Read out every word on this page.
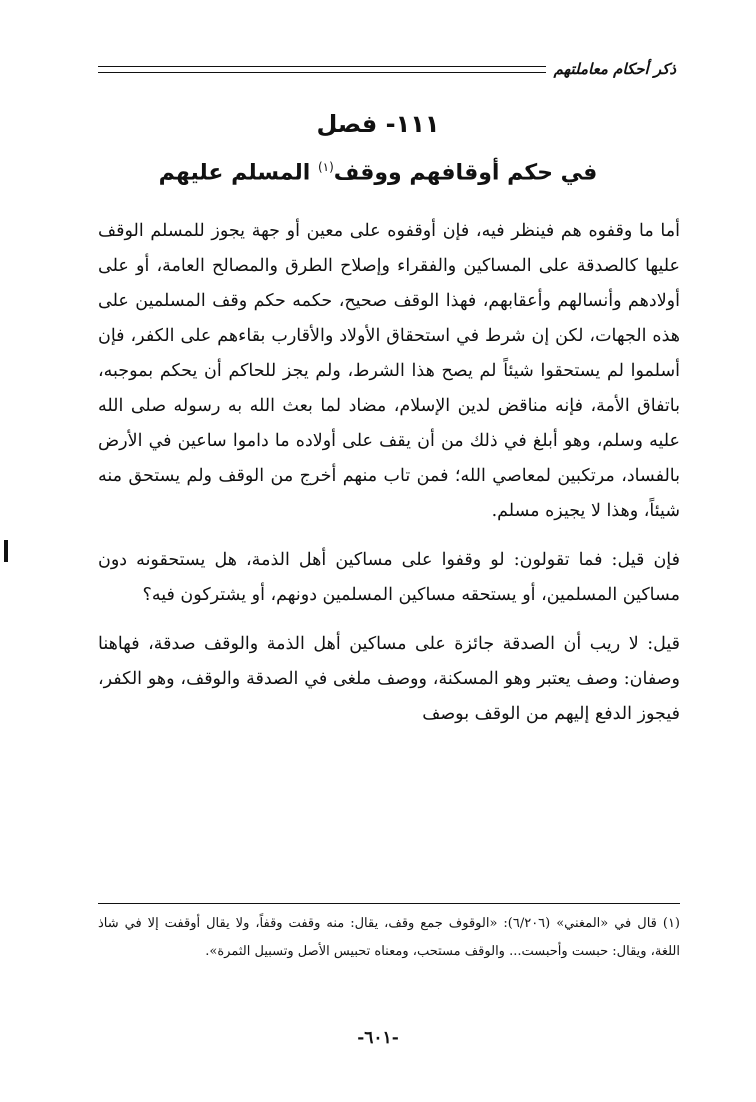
ذكر أحكام معاملتهم
١١١- فصل
في حكم أوقافهم ووقف$^{(١)}$ المسلم عليهم

أما ما وقفوه هم فينظر فيه، فإن أوقفوه على معين أو جهة يجوز للمسلم الوقف عليها كالصدقة على المساكين والفقراء وإصلاح الطرق والمصالح العامة، أو على أولادهم وأنسالهم وأعقابهم، فهذا الوقف صحيح، حكمه حكم وقف المسلمين على هذه الجهات، لكن إن شرط في استحقاق الأولاد والأقارب بقاءهم على الكفر، فإن أسلموا لم يستحقوا شيئاً لم يصح هذا الشرط، ولم يجز للحاكم أن يحكم بموجبه، باتفاق الأمة، فإنه مناقض لدين الإسلام، مضاد لما بعث الله به رسوله صلى الله عليه وسلم، وهو أبلغ في ذلك من أن يقف على أولاده ما داموا ساعين في الأرض بالفساد، مرتكبين لمعاصي الله؛ فمن تاب منهم أخرج من الوقف ولم يستحق منه شيئاً، وهذا لا يجيزه مسلم.

فإن قيل: فما تقولون: لو وقفوا على مساكين أهل الذمة، هل يستحقونه دون مساكين المسلمين، أو يستحقه مساكين المسلمين دونهم، أو يشتركون فيه؟

قيل: لا ريب أن الصدقة جائزة على مساكين أهل الذمة والوقف صدقة، فهاهنا وصفان: وصف يعتبر وهو المسكنة، ووصف ملغى في الصدقة والوقف، وهو الكفر، فيجوز الدفع إليهم من الوقف بوصف

(١) قال في «المغني» (٦/٢٠٦): «الوقوف جمع وقف، يقال: منه وقفت وقفاً، ولا يقال أوقفت إلا في شاذ اللغة، ويقال: حبست وأحبست... والوقف مستحب، ومعناه تحبيس الأصل وتسبيل الثمرة».
-٦٠١-
